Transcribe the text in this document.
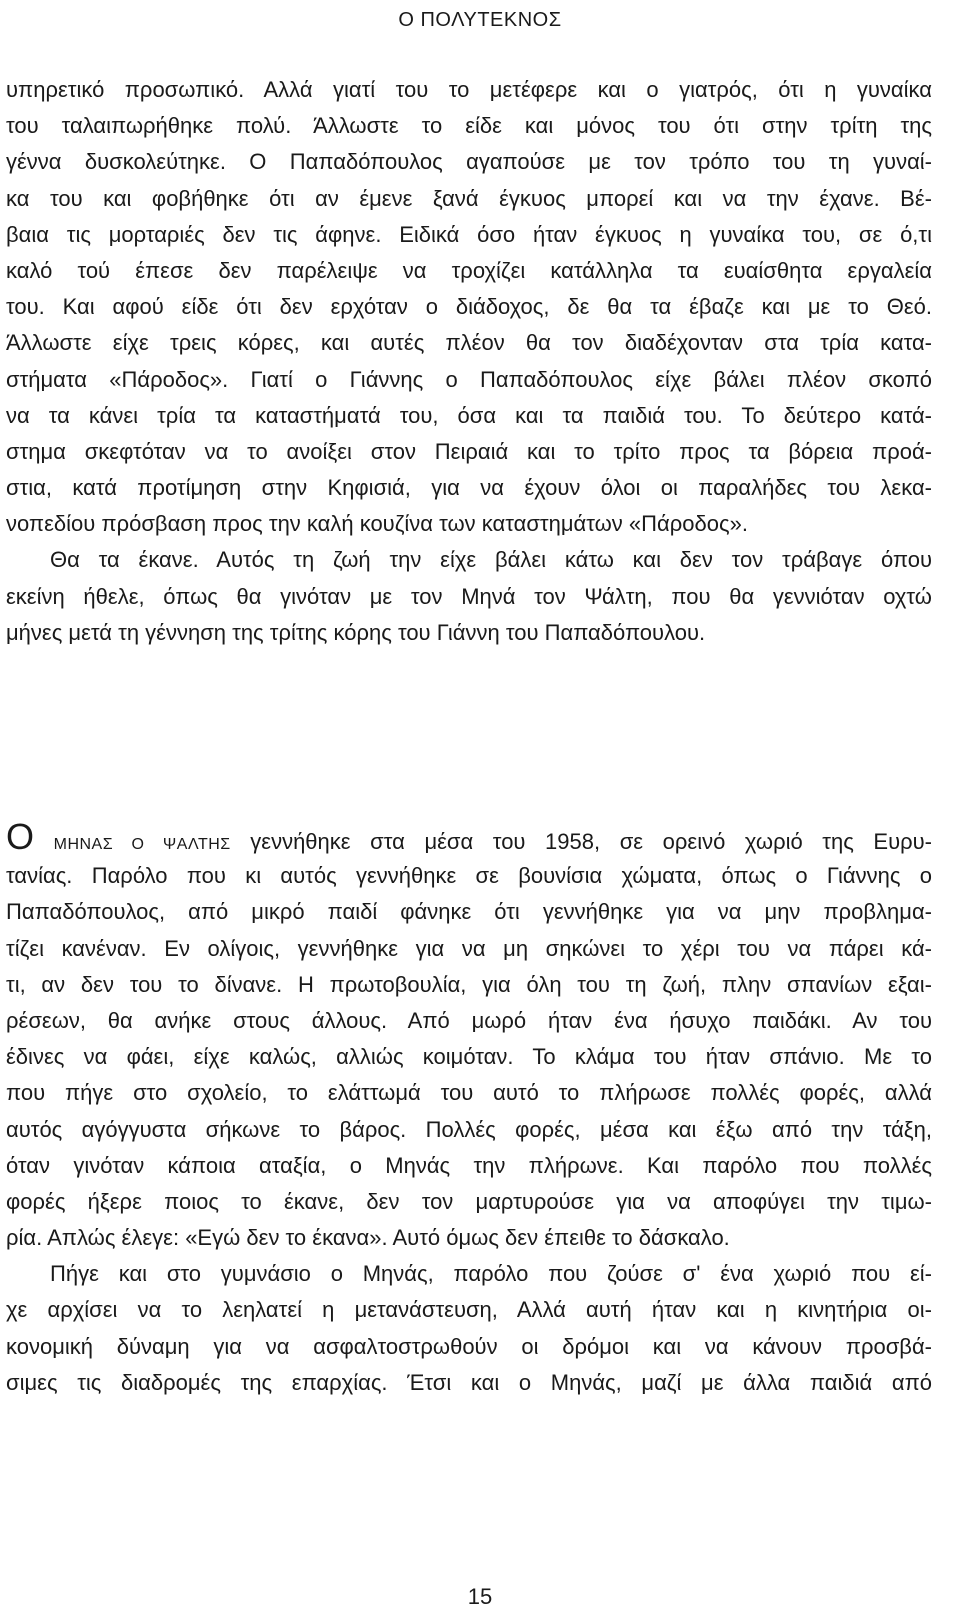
Ο ΠΟΛΥΤΕΚΝΟΣ
υπηρετικό προσωπικό. Αλλά γιατί του το μετέφερε και ο γιατρός, ότι η γυναίκα
του ταλαιπωρήθηκε πολύ. Άλλωστε το είδε και μόνος του ότι στην τρίτη της
γέννα δυσκολεύτηκε. Ο Παπαδόπουλος αγαπούσε με τον τρόπο του τη γυναί-
κα του και φοβήθηκε ότι αν έμενε ξανά έγκυος μπορεί και να την έχανε. Βέ-
βαια τις μορταριές δεν τις άφηνε. Ειδικά όσο ήταν έγκυος η γυναίκα του, σε ό,τι
καλό τού έπεσε δεν παρέλειψε να τροχίζει κατάλληλα τα ευαίσθητα εργαλεία
του. Και αφού είδε ότι δεν ερχόταν ο διάδοχος, δε θα τα έβαζε και με το Θεό.
Άλλωστε είχε τρεις κόρες, και αυτές πλέον θα τον διαδέχονταν στα τρία κατα-
στήματα «Πάροδος». Γιατί ο Γιάννης ο Παπαδόπουλος είχε βάλει πλέον σκοπό
να τα κάνει τρία τα καταστήματά του, όσα και τα παιδιά του. Το δεύτερο κατά-
στημα σκεφτόταν να το ανοίξει στον Πειραιά και το τρίτο προς τα βόρεια προά-
στια, κατά προτίμηση στην Κηφισιά, για να έχουν όλοι οι παραλήδες του λεκα-
νοπεδίου πρόσβαση προς την καλή κουζίνα των καταστημάτων «Πάροδος».
Θα τα έκανε. Αυτός τη ζωή την είχε βάλει κάτω και δεν τον τράβαγε όπου
εκείνη ήθελε, όπως θα γινόταν με τον Μηνά τον Ψάλτη, που θα γεννιόταν οχτώ
μήνες μετά τη γέννηση της τρίτης κόρης του Γιάννη του Παπαδόπουλου.
Ο ΜΗΝΑΣ Ο ΨΑΛΤΗΣ γεννήθηκε στα μέσα του 1958, σε ορεινό χωριό της Ευρυ-
τανίας. Παρόλο που κι αυτός γεννήθηκε σε βουνίσια χώματα, όπως ο Γιάννης ο
Παπαδόπουλος, από μικρό παιδί φάνηκε ότι γεννήθηκε για να μην προβλημα-
τίζει κανέναν. Εν ολίγοις, γεννήθηκε για να μη σηκώνει το χέρι του να πάρει κά-
τι, αν δεν του το δίνανε. Η πρωτοβουλία, για όλη του τη ζωή, πλην σπανίων εξαι-
ρέσεων, θα ανήκε στους άλλους. Από μωρό ήταν ένα ήσυχο παιδάκι. Αν του
έδινες να φάει, είχε καλώς, αλλιώς κοιμόταν. Το κλάμα του ήταν σπάνιο. Με το
που πήγε στο σχολείο, το ελάττωμά του αυτό το πλήρωσε πολλές φορές, αλλά
αυτός αγόγγυστα σήκωνε το βάρος. Πολλές φορές, μέσα και έξω από την τάξη,
όταν γινόταν κάποια αταξία, ο Μηνάς την πλήρωνε. Και παρόλο που πολλές
φορές ήξερε ποιος το έκανε, δεν τον μαρτυρούσε για να αποφύγει την τιμω-
ρία. Απλώς έλεγε: «Εγώ δεν το έκανα». Αυτό όμως δεν έπειθε το δάσκαλο.
Πήγε και στο γυμνάσιο ο Μηνάς, παρόλο που ζούσε σ' ένα χωριό που εί-
χε αρχίσει να το λεηλατεί η μετανάστευση, Αλλά αυτή ήταν και η κινητήρια οι-
κονομική δύναμη για να ασφαλτοστρωθούν οι δρόμοι και να κάνουν προσβά-
σιμες τις διαδρομές της επαρχίας. Έτσι και ο Μηνάς, μαζί με άλλα παιδιά από
15
